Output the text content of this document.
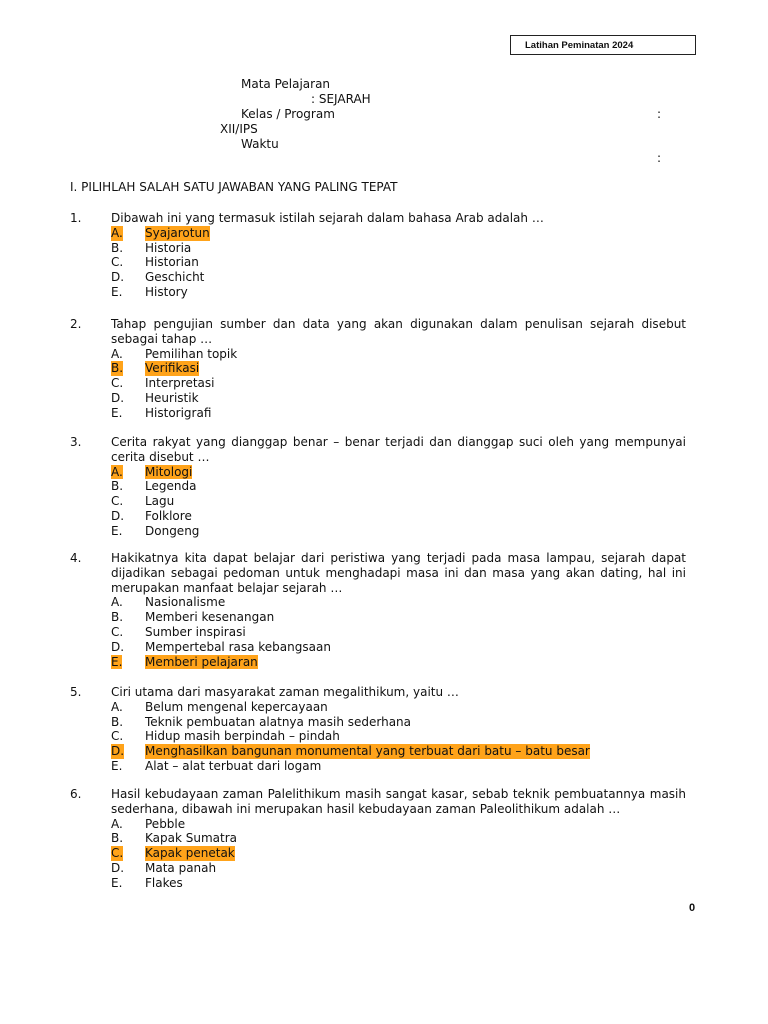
Latihan Peminatan 2024
Mata Pelajaran
: SEJARAH
Kelas / Program	:
XII/IPS
Waktu
:
I. PILIHLAH SALAH SATU JAWABAN YANG PALING TEPAT
1. Dibawah ini yang termasuk istilah sejarah dalam bahasa Arab adalah …
A. Syajarotun
B. Historia
C. Historian
D. Geschicht
E. History
2. Tahap pengujian sumber dan data yang akan digunakan dalam penulisan sejarah disebut sebagai tahap …
A. Pemilihan topik
B. Verifikasi
C. Interpretasi
D. Heuristik
E. Historigrafi
3. Cerita rakyat yang dianggap benar – benar terjadi dan dianggap suci oleh yang mempunyai cerita disebut …
A. Mitologi
B. Legenda
C. Lagu
D. Folklore
E. Dongeng
4. Hakikatnya kita dapat belajar dari peristiwa yang terjadi pada masa lampau, sejarah dapat dijadikan sebagai pedoman untuk menghadapi masa ini dan masa yang akan dating, hal ini merupakan manfaat belajar sejarah …
A. Nasionalisme
B. Memberi kesenangan
C. Sumber inspirasi
D. Mempertebal rasa kebangsaan
E. Memberi pelajaran
5. Ciri utama dari masyarakat zaman megalithikum, yaitu …
A. Belum mengenal kepercayaan
B. Teknik pembuatan alatnya masih sederhana
C. Hidup masih berpindah – pindah
D. Menghasilkan bangunan monumental yang terbuat dari batu – batu besar
E. Alat – alat terbuat dari logam
6. Hasil kebudayaan zaman Palelithikum masih sangat kasar, sebab teknik pembuatannya masih sederhana, dibawah ini merupakan hasil kebudayaan zaman Paleolithikum adalah …
A. Pebble
B. Kapak Sumatra
C. Kapak penetak
D. Mata panah
E. Flakes
0
